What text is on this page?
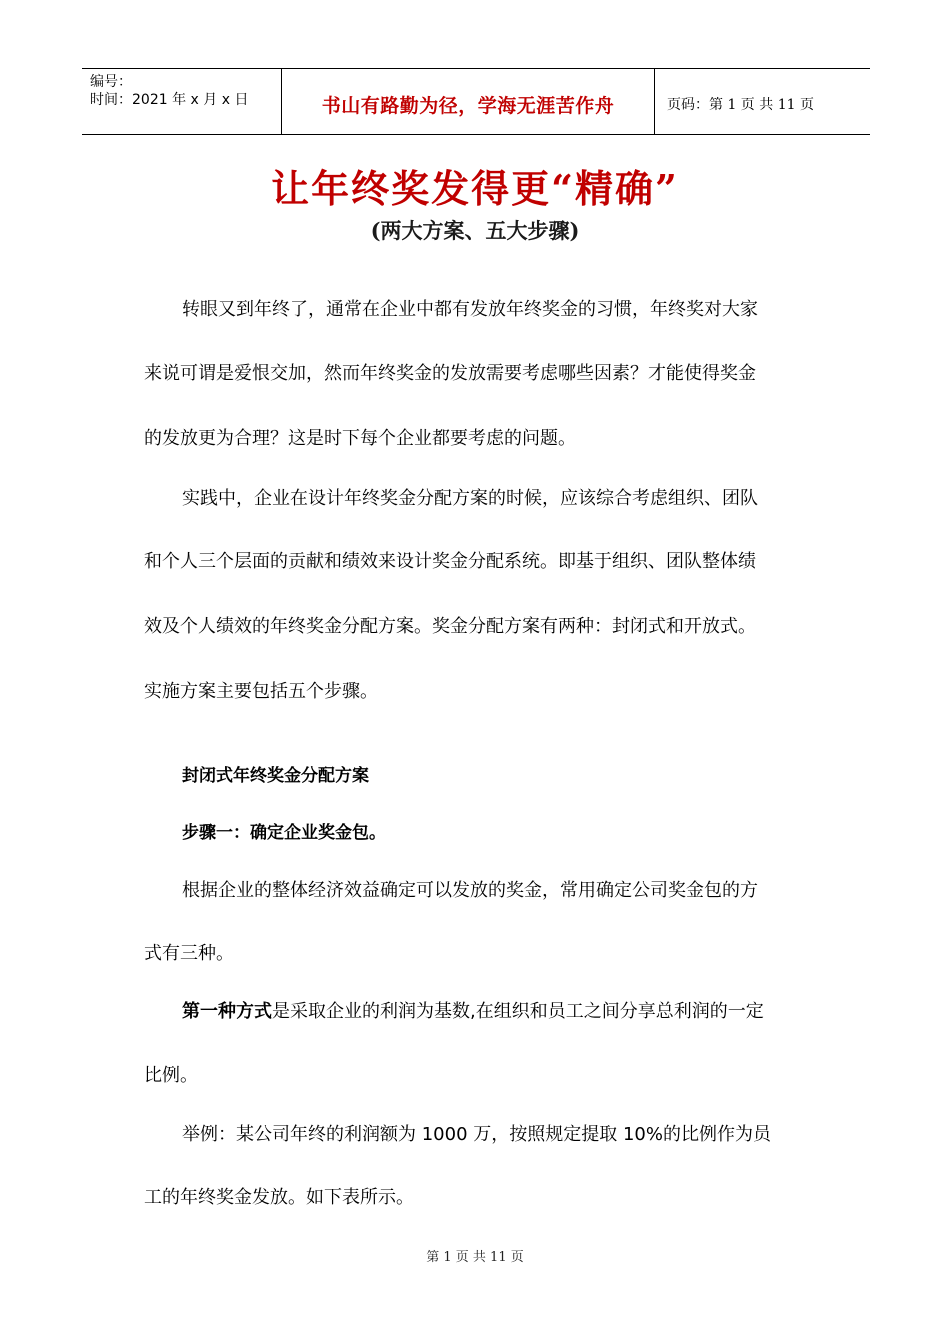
编号：
时间：2021 年 x 月 x 日	书山有路勤为径，学海无涯苦作舟	页码：第 1 页 共 11 页
让年终奖发得更“精确”
(两大方案、五大步骤)
转眼又到年终了，通常在企业中都有发放年终奖金的习惯，年终奖对大家
来说可谓是爱恨交加，然而年终奖金的发放需要考虑哪些因素？才能使得奖金
的发放更为合理？这是时下每个企业都要考虑的问题。
实践中，企业在设计年终奖金分配方案的时候，应该综合考虑组织、团队
和个人三个层面的贡献和绩效来设计奖金分配系统。即基于组织、团队整体绩
效及个人绩效的年终奖金分配方案。奖金分配方案有两种：封闭式和开放式。
实施方案主要包括五个步骤。
封闭式年终奖金分配方案
步骤一：确定企业奖金包。
根据企业的整体经济效益确定可以发放的奖金，常用确定公司奖金包的方
式有三种。
第一种方式是采取企业的利润为基数,在组织和员工之间分享总利润的一定
比例。
举例：某公司年终的利润额为 1000 万，按照规定提取 10%的比例作为员
工的年终奖金发放。如下表所示。
第 1 页 共 11 页
